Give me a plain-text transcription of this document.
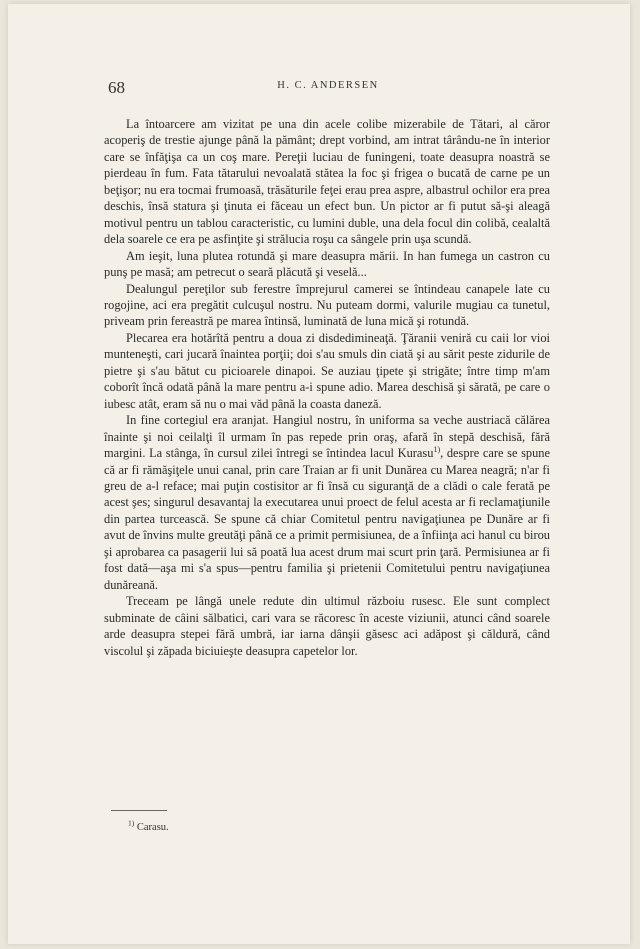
68	H. C. ANDERSEN

La întoarcere am vizitat pe una din acele colibe mizerabile de Tătari, al căror acoperiş de trestie ajunge până la pământ; drept vorbind, am intrat târându-ne în interior care se înfăţişa ca un coş mare. Pereţii luciau de funingeni, toate deasupra noastră se pierdeau în fum. Fata tătarului nevoalată stătea la foc şi frigea o bucată de carne pe un beţişor; nu era tocmai frumoasă, trăsăturile feţei erau prea aspre, albastrul ochilor era prea deschis, însă statura şi ţinuta ei făceau un efect bun. Un pictor ar fi putut să-şi aleagă motivul pentru un tablou caracteristic, cu lumini duble, una dela focul din colibă, cealaltă dela soarele ce era pe asfinţite şi strălucia roşu ca sângele prin uşa scundă.

Am ieşit, luna plutea rotundă şi mare deasupra mării. In han fumega un castron cu punş pe masă; am petrecut o seară plăcută şi veselă...

Dealungul pereţilor sub ferestre împrejurul camerei se întindeau canapele late cu rogojine, aci era pregătit culcuşul nostru. Nu puteam dormi, valurile mugiau ca tunetul, priveam prin fereastră pe marea întinsă, luminată de luna mică şi rotundă.

Plecarea era hotărîtă pentru a doua zi disdedimineaţă. Ţăranii veniră cu caii lor vioi munteneşti, cari jucară înaintea porţii; doi s'au smuls din ciată şi au sărit peste zidurile de pietre şi s'au bătut cu picioarele dinapoi. Se auziau ţipete şi strigăte; între timp m'am coborît încă odată până la mare pentru a-i spune adio. Marea deschisă şi sărată, pe care o iubesc atât, eram să nu o mai văd până la coasta daneză.

In fine cortegiul era aranjat. Hangiul nostru, în uniforma sa veche austriacă călărea înainte şi noi ceilalţi îl urmam în pas repede prin oraş, afară în stepă deschisă, fără margini. La stânga, în cursul zilei întregi se întindea lacul Kurasu$^{1)}$, despre care se spune că ar fi rămăşiţele unui canal, prin care Traian ar fi unit Dunărea cu Marea neagră; n'ar fi greu de a-l reface; mai puţin costisitor ar fi însă cu siguranţă de a clădi o cale ferată pe acest şes; singurul desavantaj la executarea unui proect de felul acesta ar fi reclamaţiunile din partea turcească. Se spune că chiar Comitetul pentru navigaţiunea pe Dunăre ar fi avut de învins multe greutăţi până ce a primit permisiunea, de a înfiinţa aci hanul cu birou şi aprobarea ca pasagerii lui să poată lua acest drum mai scurt prin ţară. Permisiunea ar fi fost dată—aşa mi s'a spus—pentru familia şi prietenii Comitetului pentru navigaţiunea dunăreană.

Treceam pe lângă unele redute din ultimul războiu rusesc. Ele sunt complect subminate de câini sălbatici, cari vara se răcoresc în aceste viziunii, atunci când soarele arde deasupra stepei fără umbră, iar iarna dânşii găsesc aci adăpost şi căldură, când viscolul şi zăpada biciuieşte deasupra capetelor lor.

$^{1)}$ Carasu.
